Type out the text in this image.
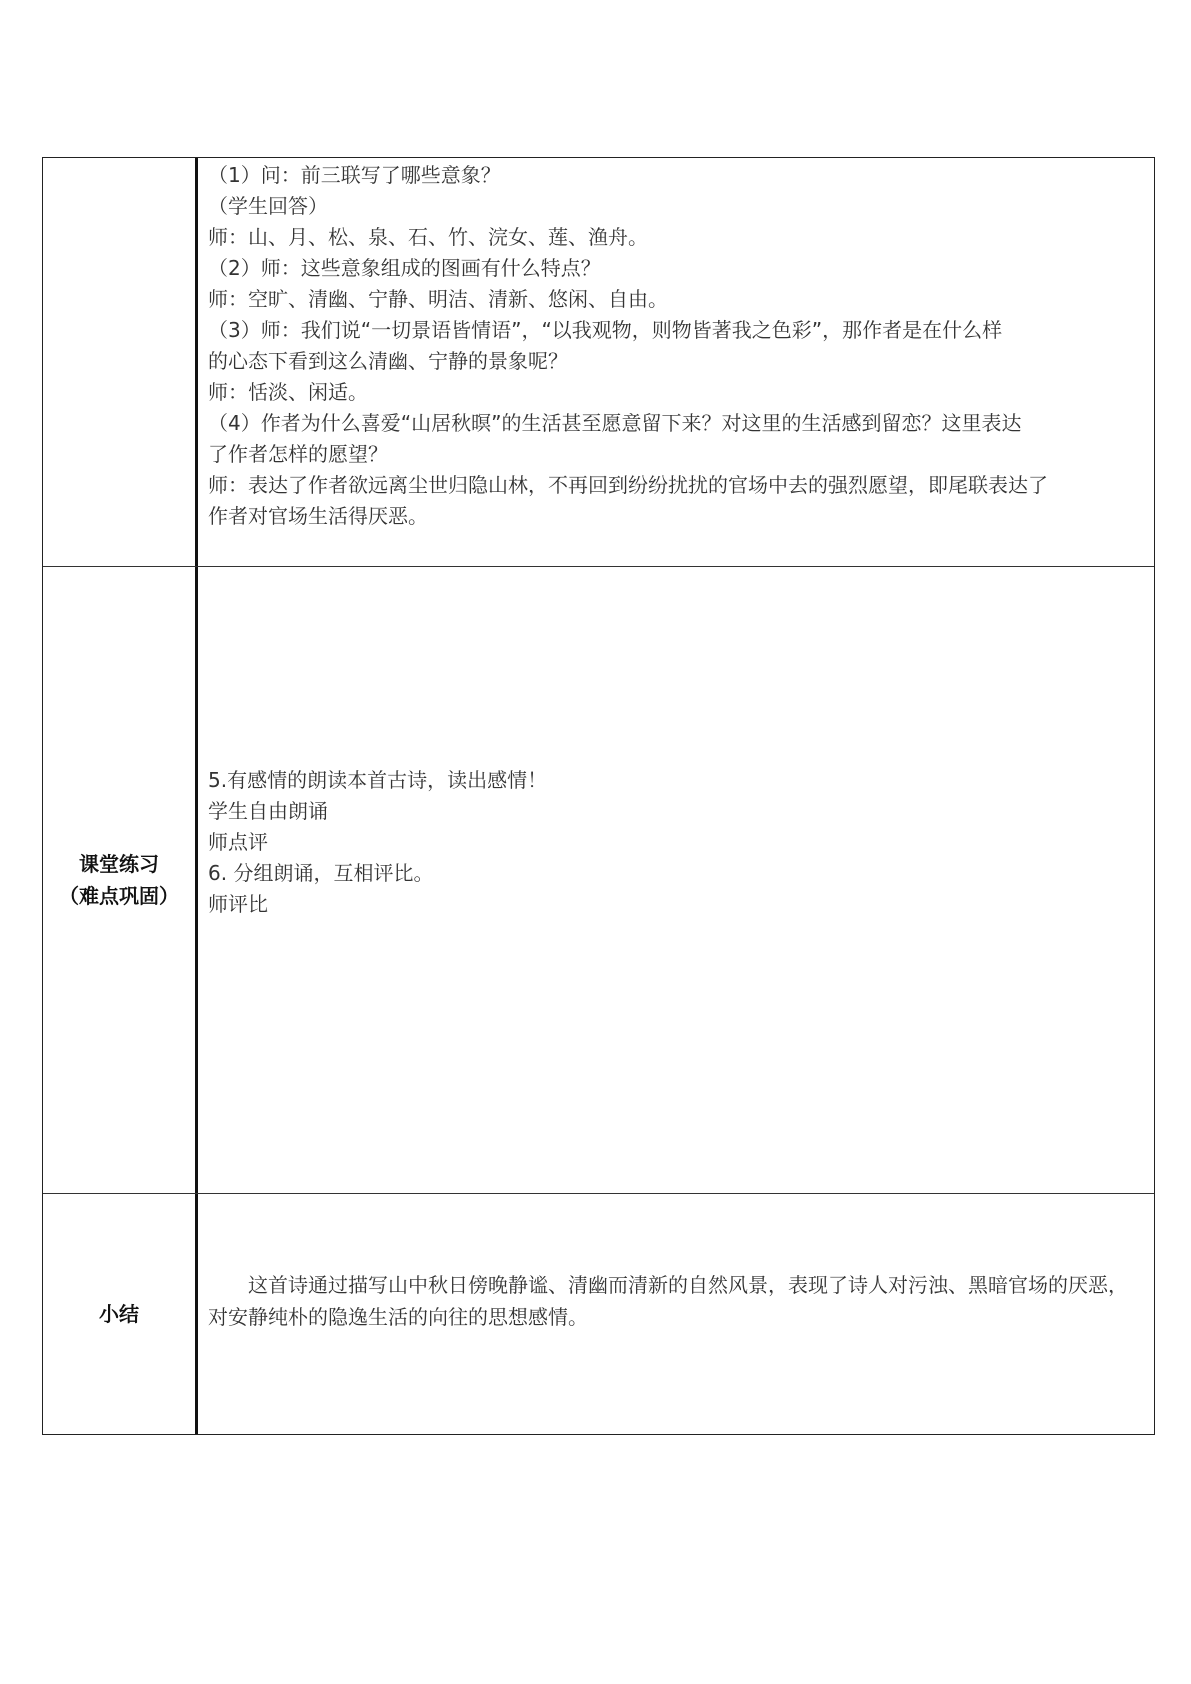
（1）问：前三联写了哪些意象？
（学生回答）
师：山、月、松、泉、石、竹、浣女、莲、渔舟。
（2）师：这些意象组成的图画有什么特点？
师：空旷、清幽、宁静、明洁、清新、悠闲、自由。
（3）师：我们说“一切景语皆情语”，“以我观物，则物皆著我之色彩”，那作者是在什么样
的心态下看到这么清幽、宁静的景象呢？
师：恬淡、闲适。
（4）作者为什么喜爱“山居秋暝”的生活甚至愿意留下来？对这里的生活感到留恋？这里表达
了作者怎样的愿望？
师：表达了作者欲远离尘世归隐山林，不再回到纷纷扰扰的官场中去的强烈愿望，即尾联表达了
作者对官场生活得厌恶。
课堂练习
（难点巩固）
5.有感情的朗读本首古诗，读出感情！
学生自由朗诵
师点评
6. 分组朗诵，互相评比。
师评比
小结
这首诗通过描写山中秋日傍晚静谧、清幽而清新的自然风景，表现了诗人对污浊、黑暗官场的厌恶，对安静纯朴的隐逸生活的向往的思想感情。
